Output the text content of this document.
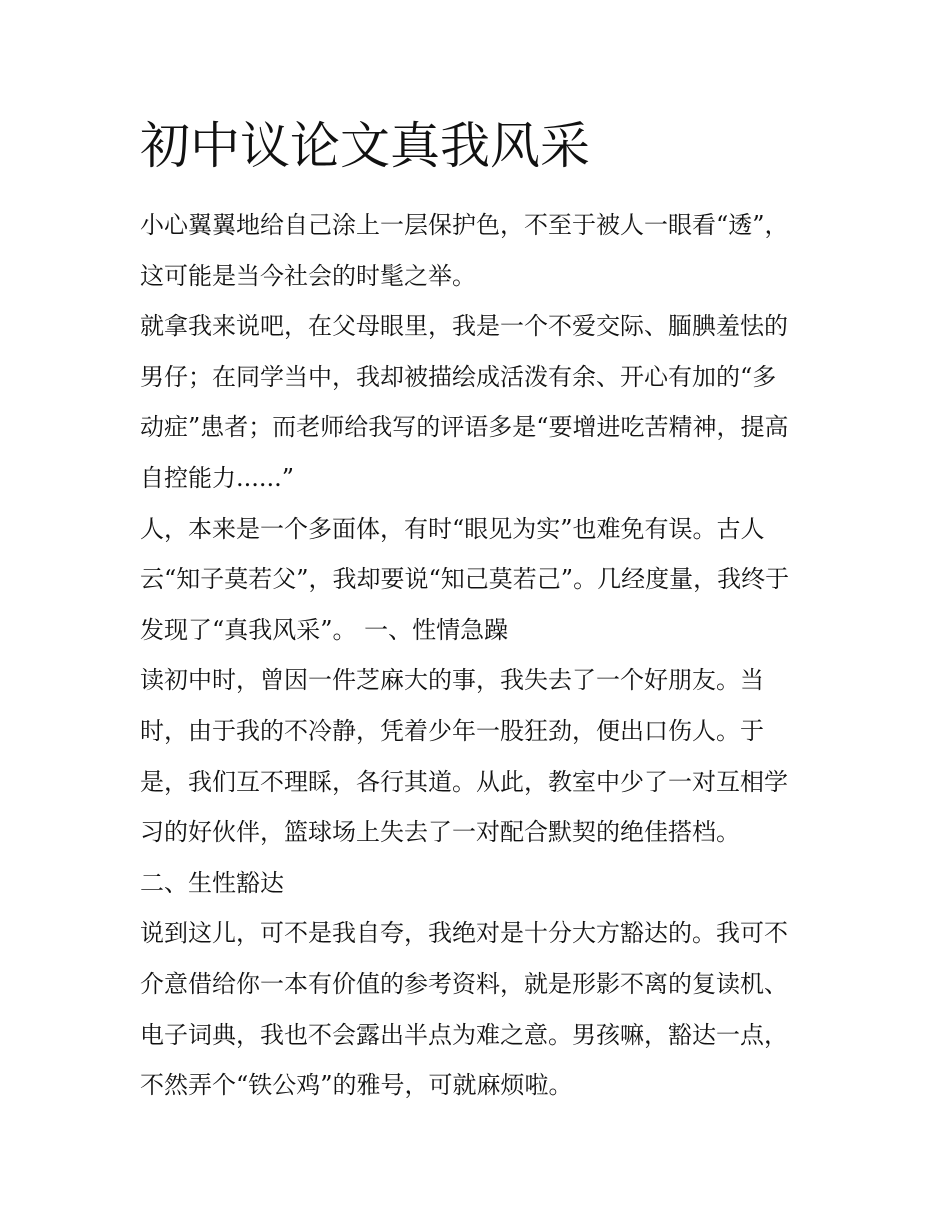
初中议论文真我风采
小心翼翼地给自己涂上一层保护色，不至于被人一眼看“透”，
这可能是当今社会的时髦之举。
就拿我来说吧，在父母眼里，我是一个不爱交际、腼腆羞怯的
男仔；在同学当中，我却被描绘成活泼有余、开心有加的“多
动症”患者；而老师给我写的评语多是“要增进吃苦精神，提高
自控能力......”
人，本来是一个多面体，有时“眼见为实”也难免有误。古人
云“知子莫若父”，我却要说“知己莫若己”。几经度量，我终于
发现了“真我风采”。 一、性情急躁
读初中时，曾因一件芝麻大的事，我失去了一个好朋友。当
时，由于我的不冷静，凭着少年一股狂劲，便出口伤人。于
是，我们互不理睬，各行其道。从此，教室中少了一对互相学
习的好伙伴，篮球场上失去了一对配合默契的绝佳搭档。
二、生性豁达
说到这儿，可不是我自夸，我绝对是十分大方豁达的。我可不
介意借给你一本有价值的参考资料，就是形影不离的复读机、
电子词典，我也不会露出半点为难之意。男孩嘛，豁达一点，
不然弄个“铁公鸡”的雅号，可就麻烦啦。
